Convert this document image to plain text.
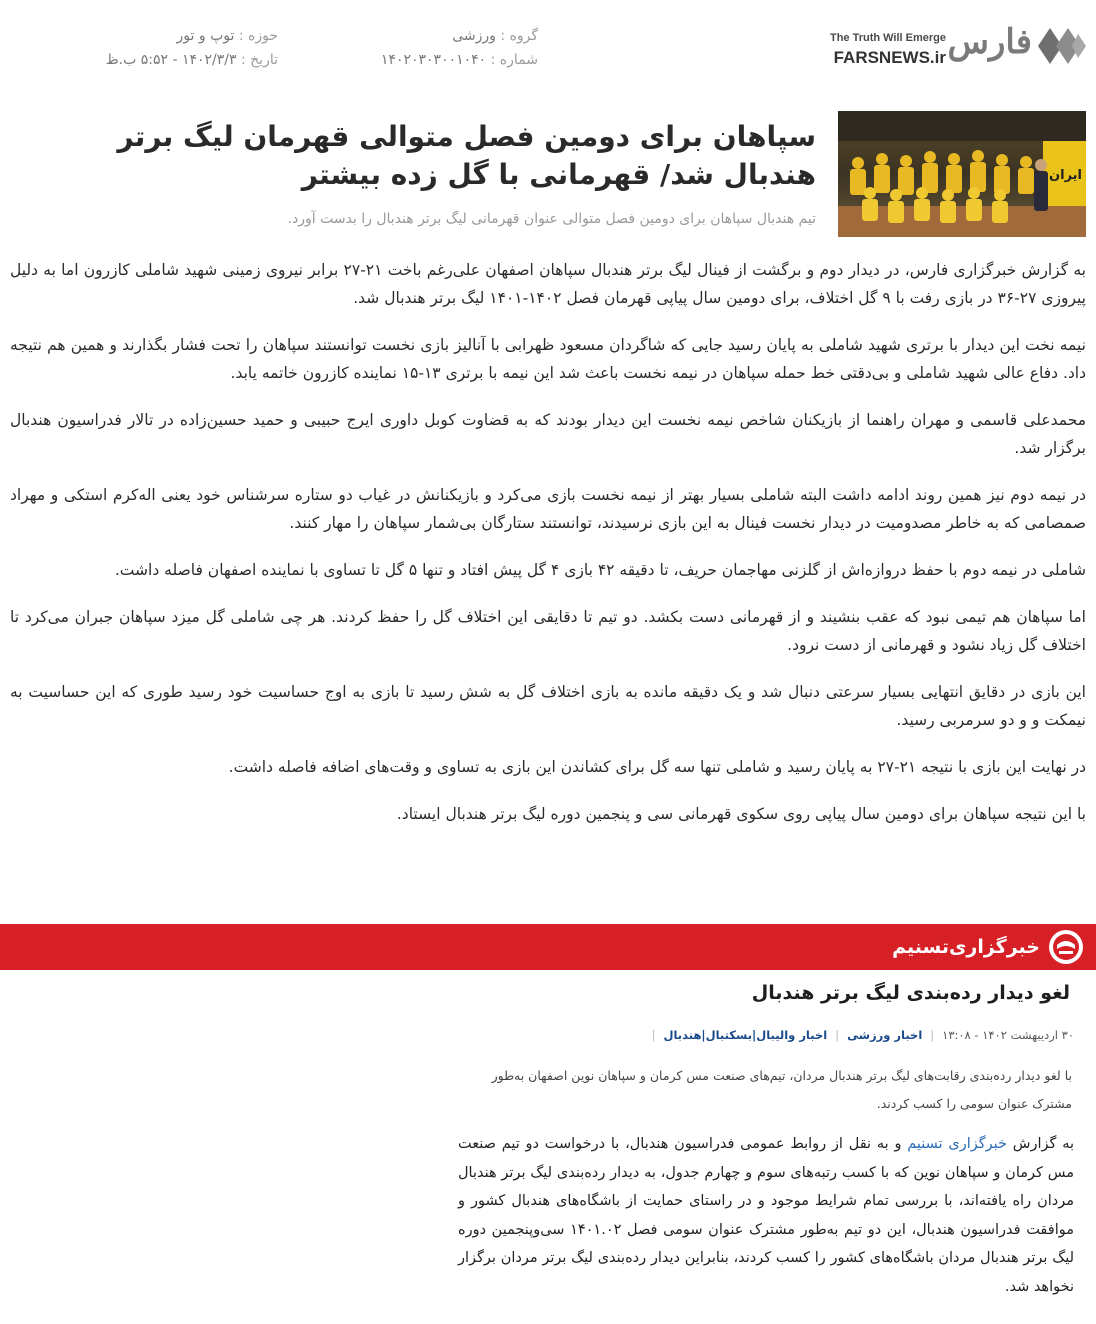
فارس
The Truth Will Emerge
FARSNEWS.ir
گروه : ورزشی
شماره : ۱۴۰۲۰۳۰۳۰۰۱۰۴۰
حوزه : توپ و تور
تاریخ : ۱۴۰۲/۳/۳ - ۵:۵۲ ب.ظ
ایران
سپاهان برای دومین فصل متوالی قهرمان لیگ برتر هندبال شد/ قهرمانی با گل زده بیشتر
تیم هندبال سپاهان برای دومین فصل متوالی عنوان قهرمانی لیگ برتر هندبال را بدست آورد.

به گزارش خبرگزاری فارس، در دیدار دوم و برگشت از فینال لیگ برتر هندبال سپاهان اصفهان علی‌رغم باخت ۲۱-۲۷ برابر نیروی زمینی شهید شاملی کازرون اما به دلیل پیروزی ۲۷-۳۶ در بازی رفت با ۹ گل اختلاف، برای دومین سال پیاپی قهرمان فصل ۱۴۰۲-۱۴۰۱ لیگ برتر هندبال شد.

نیمه نخت این دیدار با برتری شهید شاملی به پایان رسید جایی که شاگردان مسعود ظهرابی با آنالیز بازی نخست توانستند سپاهان را تحت فشار بگذارند و همین هم نتیجه داد. دفاع عالی شهید شاملی و بی‌دقتی خط حمله سپاهان در نیمه نخست باعث شد این نیمه با برتری ۱۳-۱۵ نماینده کازرون خاتمه یابد.

محمدعلی قاسمی و مهران راهنما از بازیکنان شاخص نیمه نخست این دیدار بودند که به قضاوت کوبل داوری ایرج حبیبی و حمید حسین‌زاده در تالار فدراسیون هندبال برگزار شد.

در نیمه دوم نیز همین روند ادامه داشت البته شاملی بسیار بهتر از نیمه نخست بازی می‌کرد و بازیکنانش در غیاب دو ستاره سرشناس خود یعنی اله‌کرم استکی و مهراد صمصامی که به خاطر مصدومیت در دیدار نخست فینال به این بازی نرسیدند، توانستند ستارگان بی‌شمار سپاهان را مهار کنند.

شاملی در نیمه دوم با حفظ دروازه‌اش از گلزنی مهاجمان حریف، تا دقیقه ۴۲ بازی ۴ گل پیش افتاد و تنها ۵ گل تا تساوی با نماینده اصفهان فاصله داشت.

اما سپاهان هم تیمی نبود که عقب بنشیند و از قهرمانی دست بکشد. دو تیم تا دقایقی این اختلاف گل را حفظ کردند. هر چی شاملی گل میزد سپاهان جبران می‌کرد تا اختلاف گل زیاد نشود و قهرمانی از دست نرود.

این بازی در دقایق انتهایی بسیار سرعتی دنبال شد و یک دقیقه مانده به بازی اختلاف گل به شش رسید تا بازی به اوج حساسیت خود رسید طوری که این حساسیت به نیمکت و و دو سرمربی رسید.

در نهایت این بازی با نتیجه ۲۱-۲۷ به پایان رسید و شاملی تنها سه گل برای کشاندن این بازی به تساوی و وقت‌های اضافه فاصله داشت.

با این نتیجه سپاهان برای دومین سال پیاپی روی سکوی قهرمانی سی و پنجمین دوره لیگ برتر هندبال ایستاد.

خبرگزاری‌تسنیم
لغو دیدار رده‌بندی لیگ برتر هندبال
۳۰ اردیبهشت ۱۴۰۲ - ۱۳:۰۸
|
اخبار ورزشی
|
اخبار والیبال|بسکتبال|هندبال
|
با لغو دیدار رده‌بندی رقابت‌های لیگ برتر هندبال مردان، تیم‌های صنعت مس کرمان و سپاهان نوین اصفهان به‌طور مشترک عنوان سومی را کسب کردند.
به گزارش خبرگزاری تسنیم و به نقل از روابط عمومی فدراسیون هندبال، با درخواست دو تیم صنعت مس کرمان و سپاهان نوین که با کسب رتبه‌های سوم و چهارم جدول، به دیدار رده‌بندی لیگ برتر هندبال مردان راه یافته‌اند، با بررسی تمام شرایط موجود و در راستای حمایت از باشگاه‌های هندبال کشور و موافقت فدراسیون هندبال، این دو تیم به‌طور مشترک عنوان سومی فصل ۱۴۰۱.۰۲ سی‌وپنجمین دوره لیگ برتر هندبال مردان باشگاه‌های کشور را کسب کردند، بنابراین دیدار رده‌بندی لیگ برتر مردان برگزار نخواهد شد.
